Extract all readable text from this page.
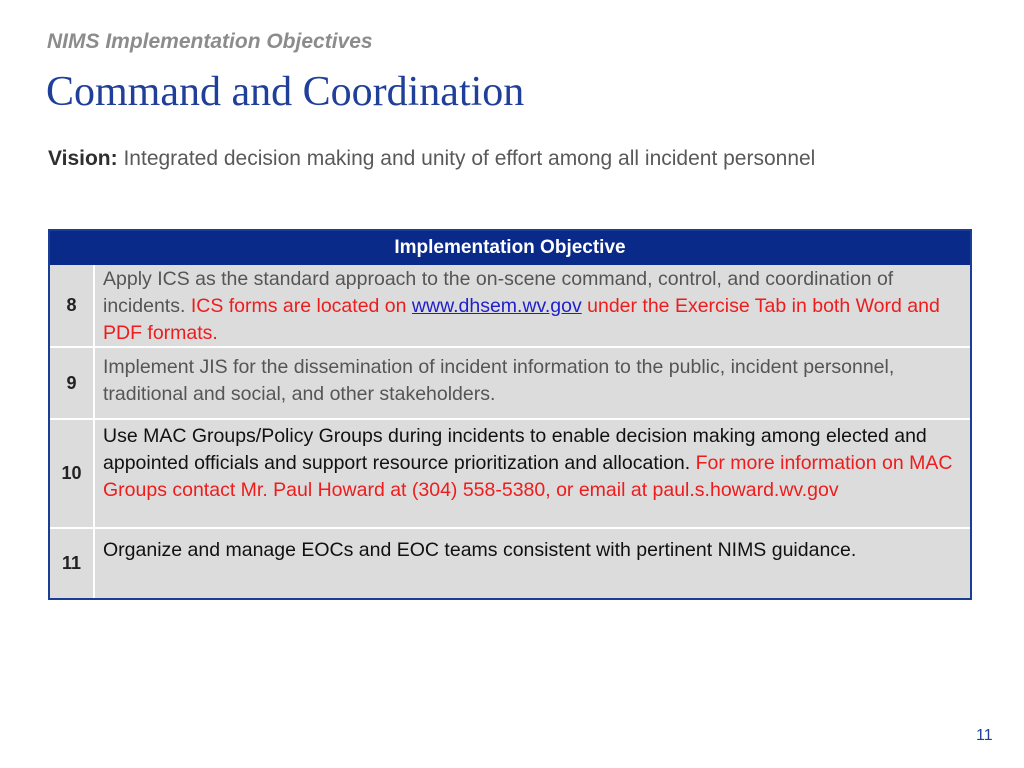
NIMS Implementation Objectives
Command and Coordination
Vision: Integrated decision making and unity of effort among all incident personnel
Implementation Objective
8
Apply ICS as the standard approach to the on-scene command, control, and coordination of incidents. ICS forms are located on www.dhsem.wv.gov under the Exercise Tab in both Word and PDF formats.
9
Implement JIS for the dissemination of incident information to the public, incident personnel, traditional and social, and other stakeholders.
10
Use MAC Groups/Policy Groups during incidents to enable decision making among elected and appointed officials and support resource prioritization and allocation. For more information on MAC Groups contact Mr. Paul Howard at (304) 558-5380, or email at paul.s.howard.wv.gov
11
Organize and manage EOCs and EOC teams consistent with pertinent NIMS guidance.
11
